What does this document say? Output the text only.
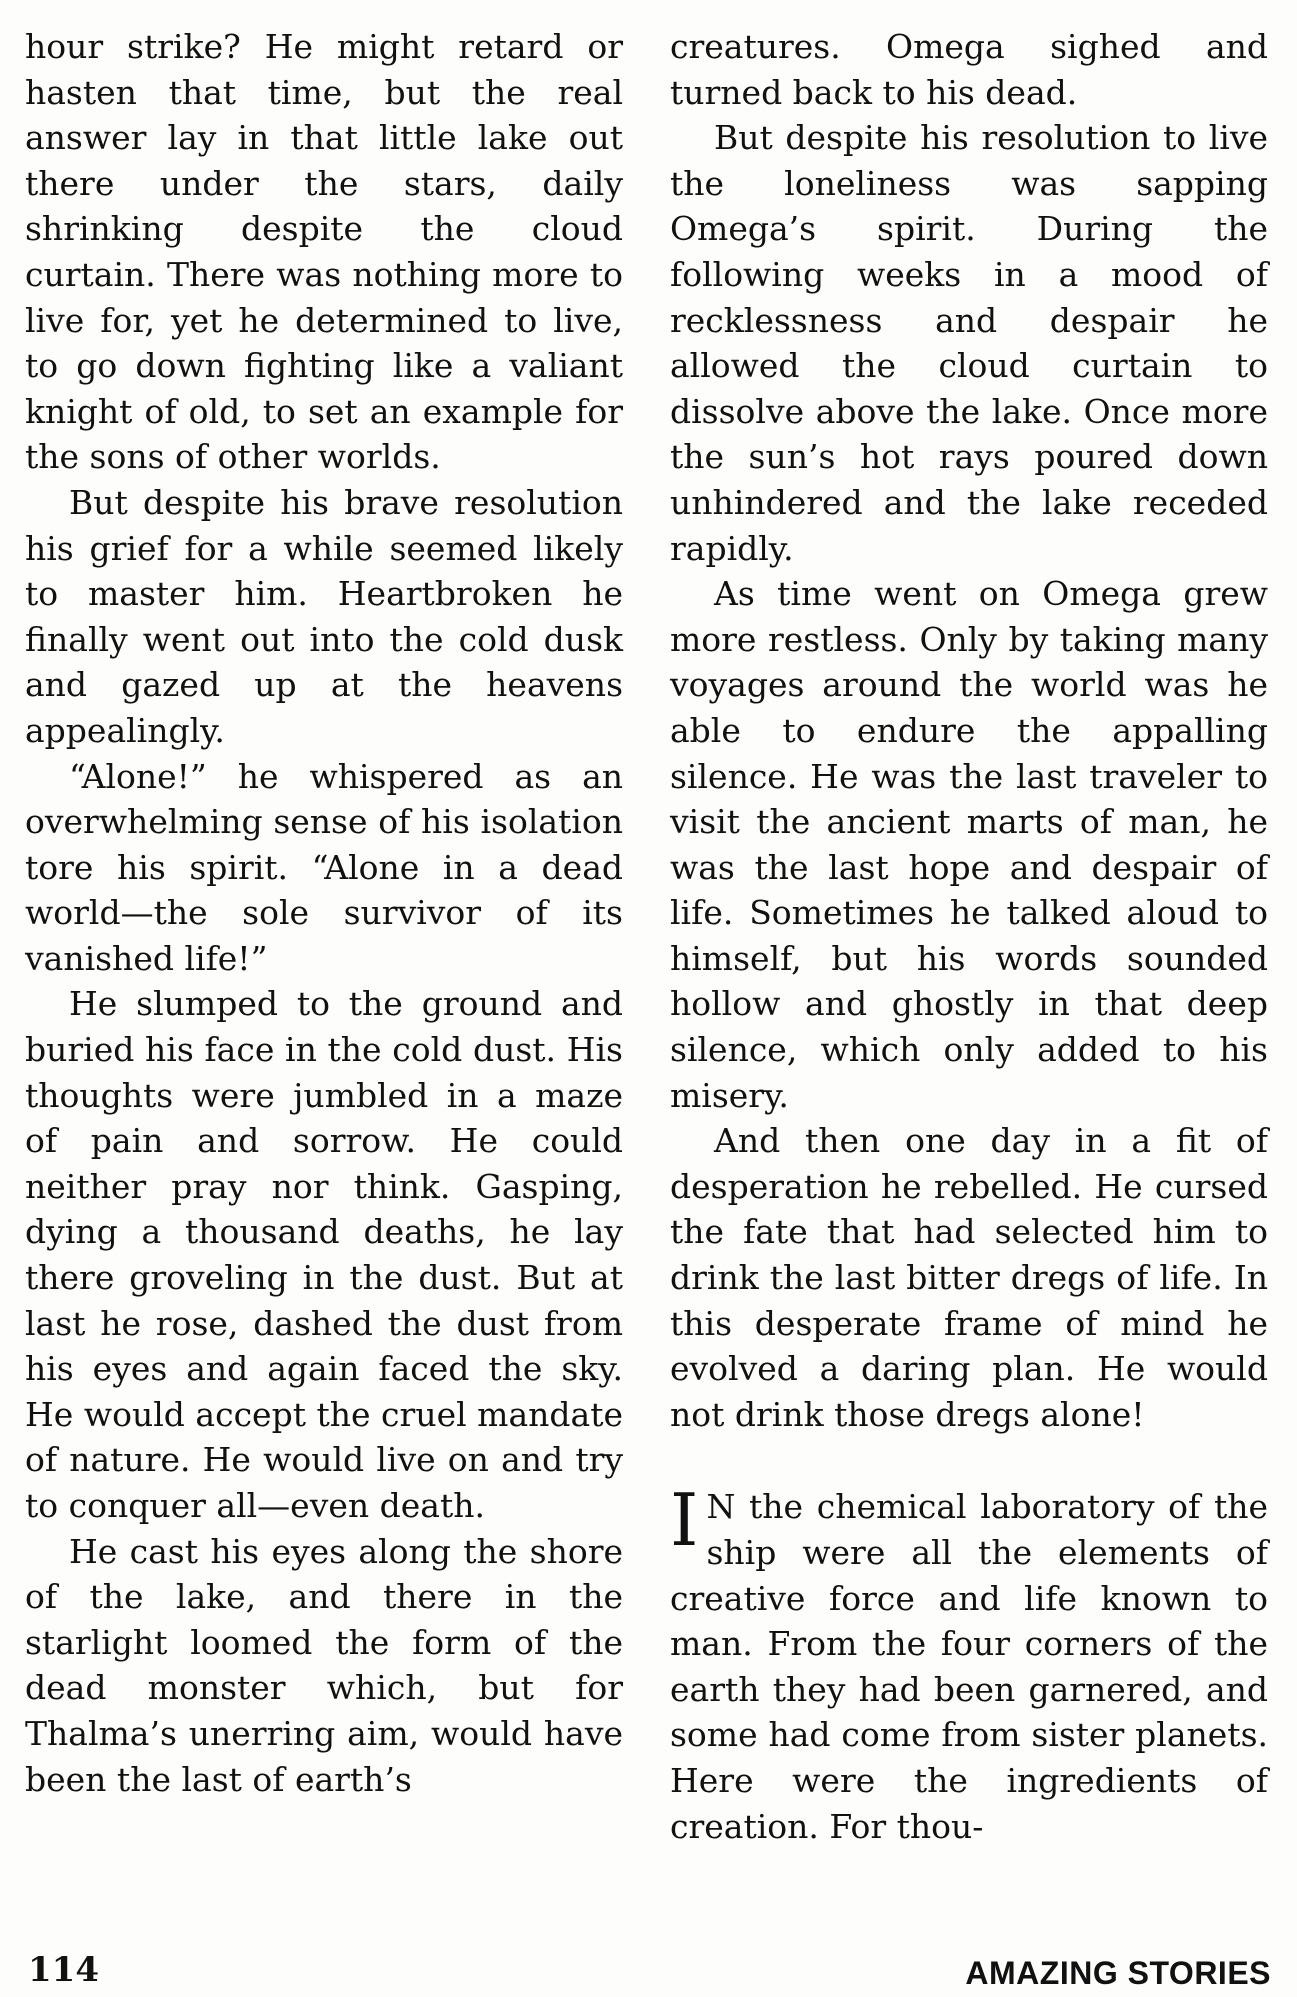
hour strike? He might retard or hasten that time, but the real answer lay in that little lake out there under the stars, daily shrinking despite the cloud curtain. There was nothing more to live for, yet he determined to live, to go down fighting like a valiant knight of old, to set an example for the sons of other worlds.

But despite his brave resolution his grief for a while seemed likely to master him. Heartbroken he finally went out into the cold dusk and gazed up at the heavens appealingly.

“Alone!” he whispered as an overwhelming sense of his isolation tore his spirit. “Alone in a dead world—the sole survivor of its vanished life!”

He slumped to the ground and buried his face in the cold dust. His thoughts were jumbled in a maze of pain and sorrow. He could neither pray nor think. Gasping, dying a thousand deaths, he lay there groveling in the dust. But at last he rose, dashed the dust from his eyes and again faced the sky. He would accept the cruel mandate of nature. He would live on and try to conquer all—even death.

He cast his eyes along the shore of the lake, and there in the starlight loomed the form of the dead monster which, but for Thalma’s unerring aim, would have been the last of earth’s

creatures. Omega sighed and turned back to his dead.

But despite his resolution to live the loneliness was sapping Omega’s spirit. During the following weeks in a mood of recklessness and despair he allowed the cloud curtain to dissolve above the lake. Once more the sun’s hot rays poured down unhindered and the lake receded rapidly.

As time went on Omega grew more restless. Only by taking many voyages around the world was he able to endure the appalling silence. He was the last traveler to visit the ancient marts of man, he was the last hope and despair of life. Sometimes he talked aloud to himself, but his words sounded hollow and ghostly in that deep silence, which only added to his misery.

And then one day in a fit of desperation he rebelled. He cursed the fate that had selected him to drink the last bitter dregs of life. In this desperate frame of mind he evolved a daring plan. He would not drink those dregs alone!

I N the chemical laboratory of the ship were all the elements of creative force and life known to man. From the four corners of the earth they had been garnered, and some had come from sister planets. Here were the ingredients of creation. For thou-

114	AMAZING STORIES
